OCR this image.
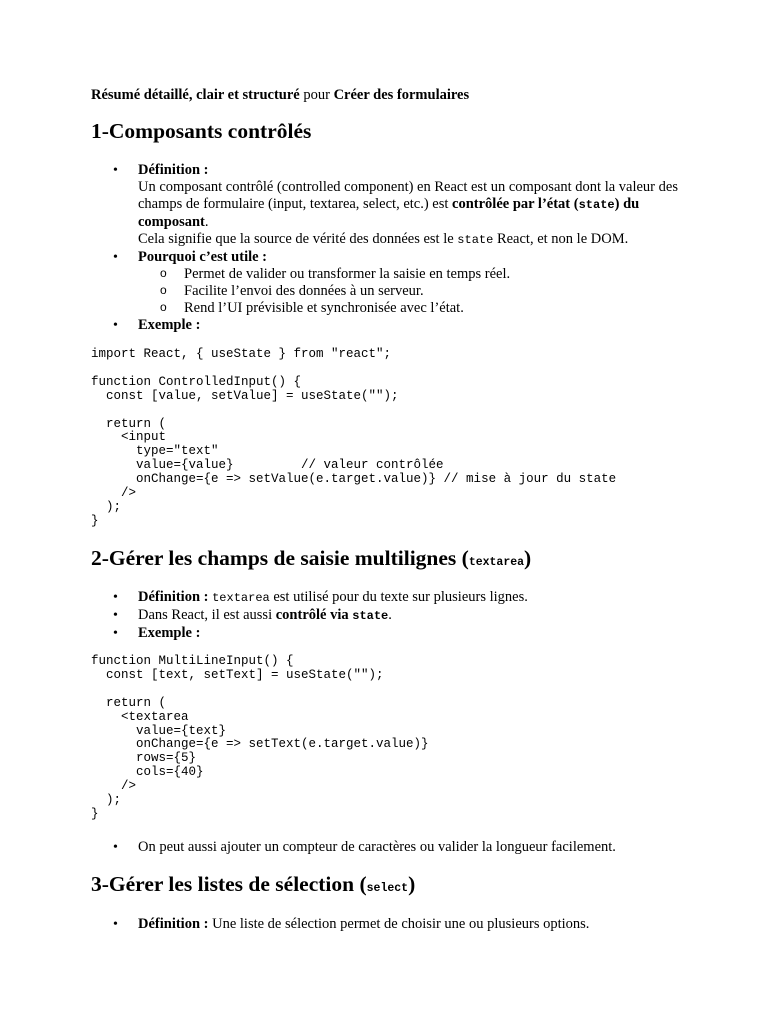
Résumé détaillé, clair et structuré pour Créer des formulaires
1-Composants contrôlés
• Définition :
Un composant contrôlé (controlled component) en React est un composant dont la valeur des champs de formulaire (input, textarea, select, etc.) est contrôlée par l’état (state) du composant.
Cela signifie que la source de vérité des données est le state React, et non le DOM.
• Pourquoi c’est utile :
o Permet de valider ou transformer la saisie en temps réel.
o Facilite l’envoi des données à un serveur.
o Rend l’UI prévisible et synchronisée avec l’état.
• Exemple :
import React, { useState } from "react";

function ControlledInput() {
const [value, setValue] = useState("");

return (
<input
type="text"
value={value}         // valeur contrôlée
onChange={e => setValue(e.target.value)} // mise à jour du state
/>
);
}
2-Gérer les champs de saisie multilignes (textarea)
• Définition : textarea est utilisé pour du texte sur plusieurs lignes.
• Dans React, il est aussi contrôlé via state.
• Exemple :
function MultiLineInput() {
const [text, setText] = useState("");

return (
<textarea
value={text}
onChange={e => setText(e.target.value)}
rows={5}
cols={40}
/>
);
}
• On peut aussi ajouter un compteur de caractères ou valider la longueur facilement.
3-Gérer les listes de sélection (select)
• Définition : Une liste de sélection permet de choisir une ou plusieurs options.
